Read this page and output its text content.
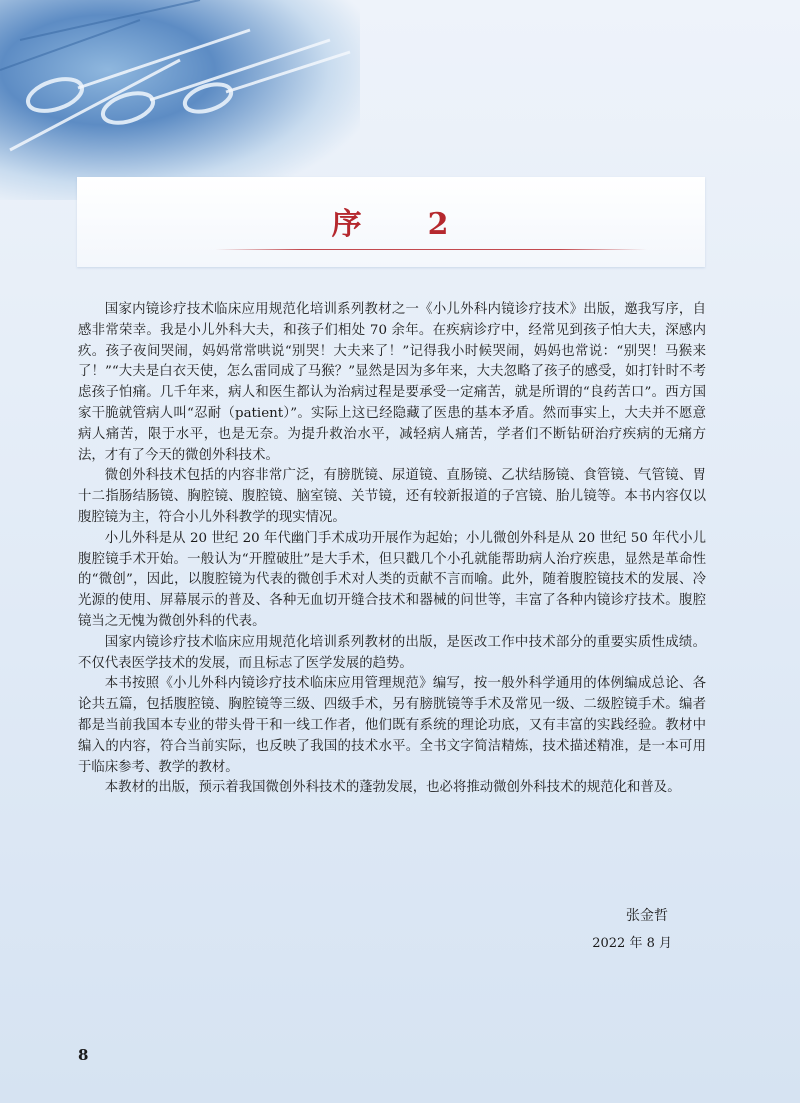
序 2

国家内镜诊疗技术临床应用规范化培训系列教材之一《小儿外科内镜诊疗技术》出版，邀我写序，自感非常荣幸。我是小儿外科大夫，和孩子们相处 70 余年。在疾病诊疗中，经常见到孩子怕大夫，深感内疚。孩子夜间哭闹，妈妈常常哄说“别哭！大夫来了！”记得我小时候哭闹，妈妈也常说：“别哭！马猴来了！”“大夫是白衣天使，怎么雷同成了马猴？”显然是因为多年来，大夫忽略了孩子的感受，如打针时不考虑孩子怕痛。几千年来，病人和医生都认为治病过程是要承受一定痛苦，就是所谓的“良药苦口”。西方国家干脆就管病人叫“忍耐（patient）”。实际上这已经隐藏了医患的基本矛盾。然而事实上，大夫并不愿意病人痛苦，限于水平，也是无奈。为提升救治水平，减轻病人痛苦，学者们不断钻研治疗疾病的无痛方法，才有了今天的微创外科技术。

微创外科技术包括的内容非常广泛，有膀胱镜、尿道镜、直肠镜、乙状结肠镜、食管镜、气管镜、胃十二指肠结肠镜、胸腔镜、腹腔镜、脑室镜、关节镜，还有较新报道的子宫镜、胎儿镜等。本书内容仅以腹腔镜为主，符合小儿外科教学的现实情况。

小儿外科是从 20 世纪 20 年代幽门手术成功开展作为起始；小儿微创外科是从 20 世纪 50 年代小儿腹腔镜手术开始。一般认为“开膛破肚”是大手术，但只戳几个小孔就能帮助病人治疗疾患，显然是革命性的“微创”，因此，以腹腔镜为代表的微创手术对人类的贡献不言而喻。此外，随着腹腔镜技术的发展、冷光源的使用、屏幕展示的普及、各种无血切开缝合技术和器械的问世等，丰富了各种内镜诊疗技术。腹腔镜当之无愧为微创外科的代表。

国家内镜诊疗技术临床应用规范化培训系列教材的出版，是医改工作中技术部分的重要实质性成绩。不仅代表医学技术的发展，而且标志了医学发展的趋势。

本书按照《小儿外科内镜诊疗技术临床应用管理规范》编写，按一般外科学通用的体例编成总论、各论共五篇，包括腹腔镜、胸腔镜等三级、四级手术，另有膀胱镜等手术及常见一级、二级腔镜手术。编者都是当前我国本专业的带头骨干和一线工作者，他们既有系统的理论功底，又有丰富的实践经验。教材中编入的内容，符合当前实际，也反映了我国的技术水平。全书文字简洁精炼，技术描述精准，是一本可用于临床参考、教学的教材。

本教材的出版，预示着我国微创外科技术的蓬勃发展，也必将推动微创外科技术的规范化和普及。

张金哲
2022 年 8 月
8
